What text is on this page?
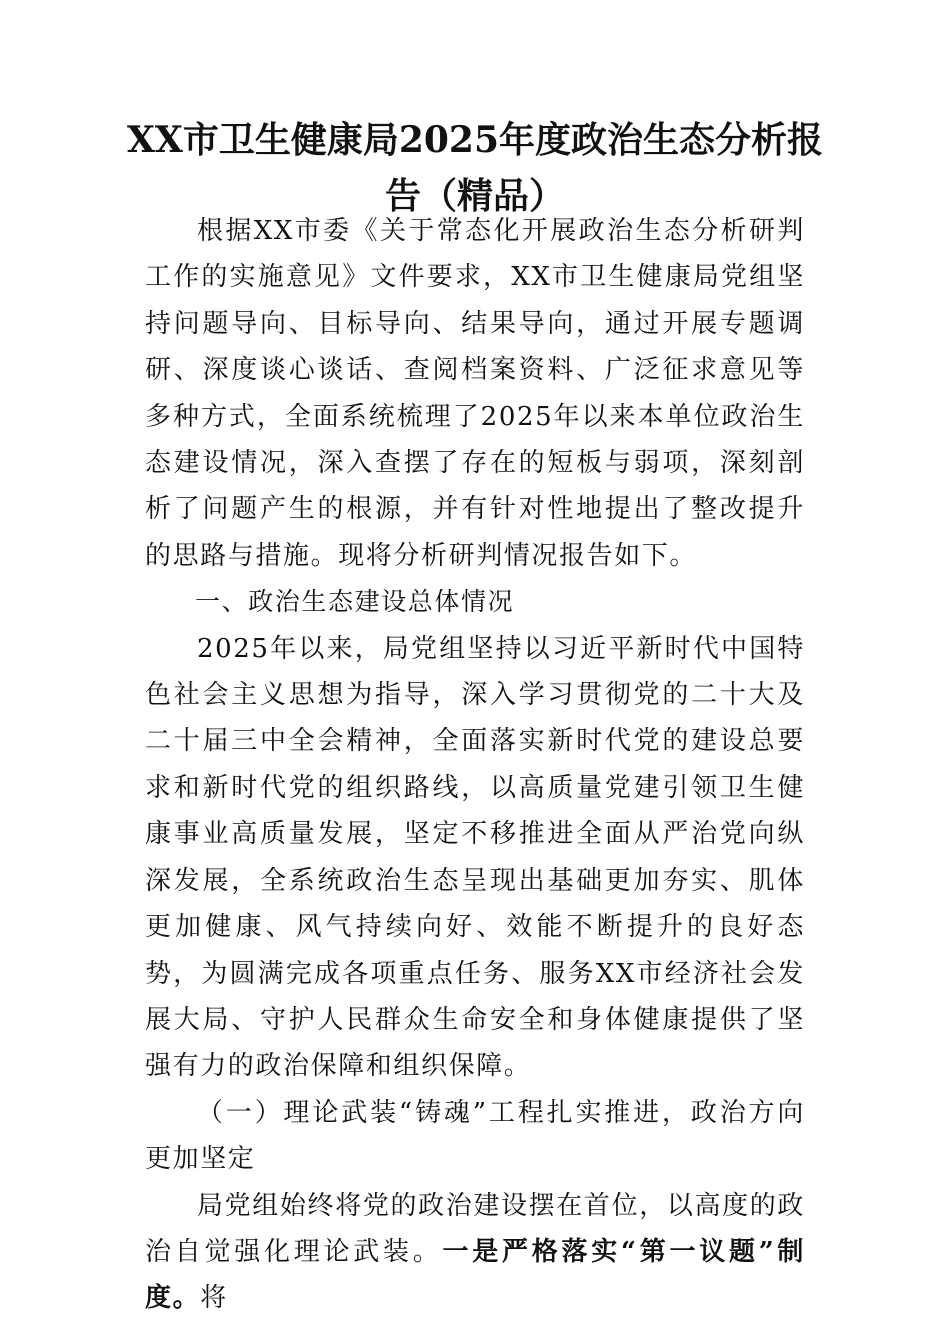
XX市卫生健康局2025年度政治生态分析报告（精品）

根据XX市委《关于常态化开展政治生态分析研判工作的实施意见》文件要求，XX市卫生健康局党组坚持问题导向、目标导向、结果导向，通过开展专题调研、深度谈心谈话、查阅档案资料、广泛征求意见等多种方式，全面系统梳理了2025年以来本单位政治生态建设情况，深入查摆了存在的短板与弱项，深刻剖析了问题产生的根源，并有针对性地提出了整改提升的思路与措施。现将分析研判情况报告如下。

一、政治生态建设总体情况

2025年以来，局党组坚持以习近平新时代中国特色社会主义思想为指导，深入学习贯彻党的二十大及二十届三中全会精神，全面落实新时代党的建设总要求和新时代党的组织路线，以高质量党建引领卫生健康事业高质量发展，坚定不移推进全面从严治党向纵深发展，全系统政治生态呈现出基础更加夯实、肌体更加健康、风气持续向好、效能不断提升的良好态势，为圆满完成各项重点任务、服务XX市经济社会发展大局、守护人民群众生命安全和身体健康提供了坚强有力的政治保障和组织保障。

（一）理论武装“铸魂”工程扎实推进，政治方向更加坚定

局党组始终将党的政治建设摆在首位，以高度的政治自觉强化理论武装。一是严格落实“第一议题”制度。将
